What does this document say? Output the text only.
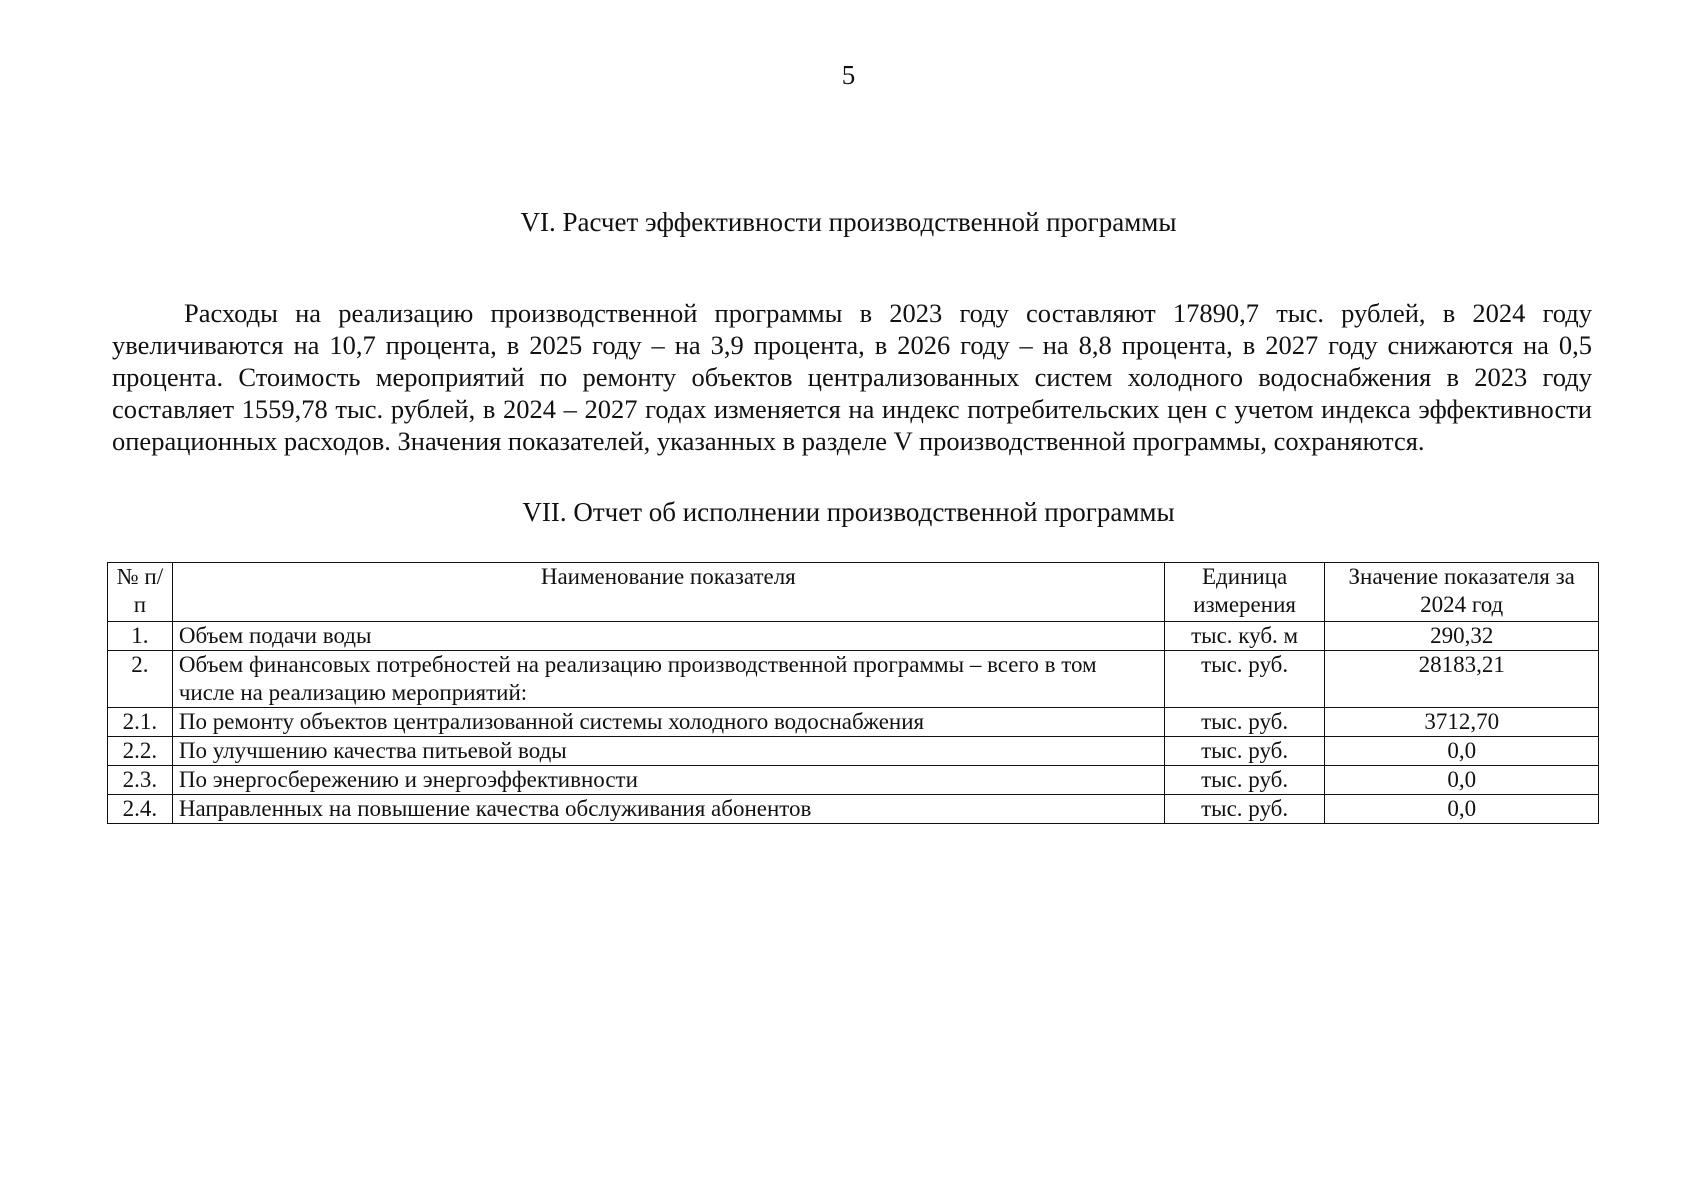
5
VI. Расчет эффективности производственной программы

Расходы на реализацию производственной программы в 2023 году составляют 17890,7 тыс. рублей, в 2024 году увеличиваются на 10,7 процента, в 2025 году – на 3,9 процента, в 2026 году – на 8,8 процента, в 2027 году снижаются на 0,5 процента. Стоимость мероприятий по ремонту объектов централизованных систем холодного водоснабжения в 2023 году составляет 1559,78 тыс. рублей, в 2024 – 2027 годах изменяется на индекс потребительских цен с учетом индекса эффективности операционных расходов. Значения показателей, указанных в разделе V производственной программы, сохраняются.

VII. Отчет об исполнении производственной программы
№ п/п	Наименование показателя	Единица измерения	Значение показателя за 2024 год
1.	Объем подачи воды	тыс. куб. м	290,32
2.	Объем финансовых потребностей на реализацию производственной программы – всего в том числе на реализацию мероприятий:	тыс. руб.	28183,21
2.1.	По ремонту объектов централизованной системы холодного водоснабжения	тыс. руб.	3712,70
2.2.	По улучшению качества питьевой воды	тыс. руб.	0,0
2.3.	По энергосбережению и энергоэффективности	тыс. руб.	0,0
2.4.	Направленных на повышение качества обслуживания абонентов	тыс. руб.	0,0
